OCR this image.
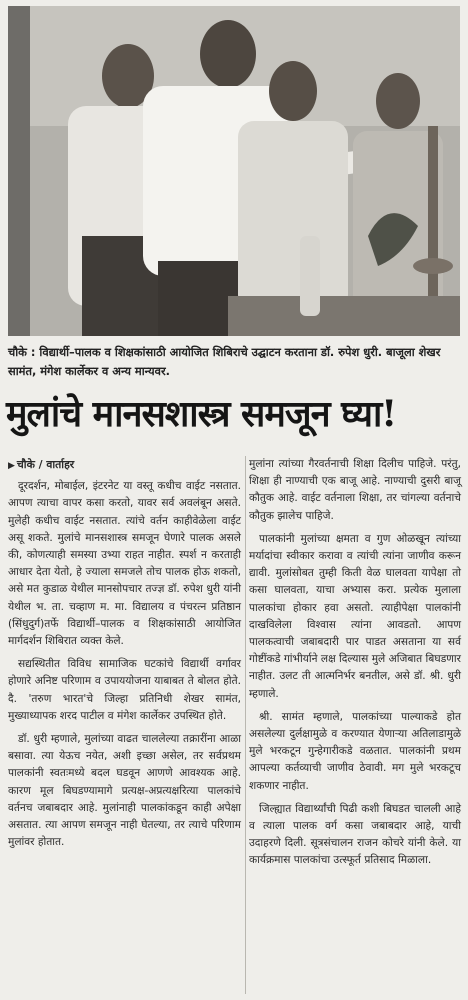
चौके : विद्यार्थी–पालक व शिक्षकांसाठी आयोजित शिबिराचे उद्घाटन करताना डॉ. रुपेश धुरी. बाजूला शेखर सामंत, मंगेश कार्लेकर व अन्य मान्यवर.
मुलांचे मानसशास्त्र समजून घ्या!
▶ चौके / वार्ताहर

दूरदर्शन, मोबाईल, इंटरनेट या वस्तू कधीच वाईट नसतात. आपण त्याचा वापर कसा करतो, यावर सर्व अवलंबून असते. मुलेही कधीच वाईट नसतात. त्यांचे वर्तन काहीवेळेला वाईट असू शकते. मुलांचे मानसशास्त्र समजून घेणारे पालक असले की, कोणत्याही समस्या उभ्या राहत नाहीत. स्पर्श न करताही आधार देता येतो, हे ज्याला समजले तोच पालक होऊ शकतो, असे मत कुडाळ येथील मानसोपचार तज्ज्ञ डॉ. रुपेश धुरी यांनी येथील भ. ता. चव्हाण म. मा. विद्यालय व पंचरत्न प्रतिष्ठान (सिंधुदुर्ग)तर्फे विद्यार्थी–पालक व शिक्षकांसाठी आयोजित मार्गदर्शन शिबिरात व्यक्त केले.

सद्यस्थितीत विविध सामाजिक घटकांचे विद्यार्थी वर्गावर होणारे अनिष्ट परिणाम व उपाययोजना याबाबत ते बोलत होते. दै. 'तरुण भारत'चे जिल्हा प्रतिनिधी शेखर सामंत, मुख्याध्यापक शरद पाटील व मंगेश कार्लेकर उपस्थित होते.

डॉ. धुरी म्हणाले, मुलांच्या वाढत चाललेल्या तक्रारींना आळा बसावा. त्या येऊच नयेत, अशी इच्छा असेल, तर सर्वप्रथम पालकांनी स्वतःमध्ये बदल घडवून आणणे आवश्यक आहे. कारण मूल बिघडण्यामागे प्रत्यक्ष-अप्रत्यक्षरित्या पालकांचे वर्तनच जबाबदार आहे. मुलांनाही पालकांकडून काही अपेक्षा असतात. त्या आपण समजून नाही घेतल्या, तर त्याचे परिणाम मुलांवर होतात.

मुलांना त्यांच्या गैरवर्तनाची शिक्षा दिलीच पाहिजे. परंतु, शिक्षा ही नाण्याची एक बाजू आहे. नाण्याची दुसरी बाजू कौतुक आहे. वाईट वर्तनाला शिक्षा, तर चांगल्या वर्तनाचे कौतुक झालेच पाहिजे.

पालकांनी मुलांच्या क्षमता व गुण ओळखून त्यांच्या मर्यादांचा स्वीकार करावा व त्यांची त्यांना जाणीव करून द्यावी. मुलांसोबत तुम्ही किती वेळ घालवता यापेक्षा तो कसा घालवता, याचा अभ्यास करा. प्रत्येक मुलाला पालकांचा होकार हवा असतो. त्याहीपेक्षा पालकांनी दाखविलेला विश्वास त्यांना आवडतो. आपण पालकत्वाची जबाबदारी पार पाडत असताना या सर्व गोष्टींकडे गांभीर्याने लक्ष दिल्यास मुले अजिबात बिघडणार नाहीत. उलट ती आत्मनिर्भर बनतील, असे डॉ. श्री. धुरी म्हणाले.

श्री. सामंत म्हणाले, पालकांच्या पाल्याकडे होत असलेल्या दुर्लक्षामुळे व करण्यात येणाऱ्या अतिलाडामुळे मुले भरकटून गुन्हेगारीकडे वळतात. पालकांनी प्रथम आपल्या कर्तव्याची जाणीव ठेवावी. मग मुले भरकटूच शकणार नाहीत.

जिल्ह्यात विद्यार्थ्यांची पिढी कशी बिघडत चालली आहे व त्याला पालक वर्ग कसा जबाबदार आहे, याची उदाहरणे दिली. सूत्रसंचालन राजन कोचरे यांनी केले. या कार्यक्रमास पालकांचा उत्स्फूर्त प्रतिसाद मिळाला.
